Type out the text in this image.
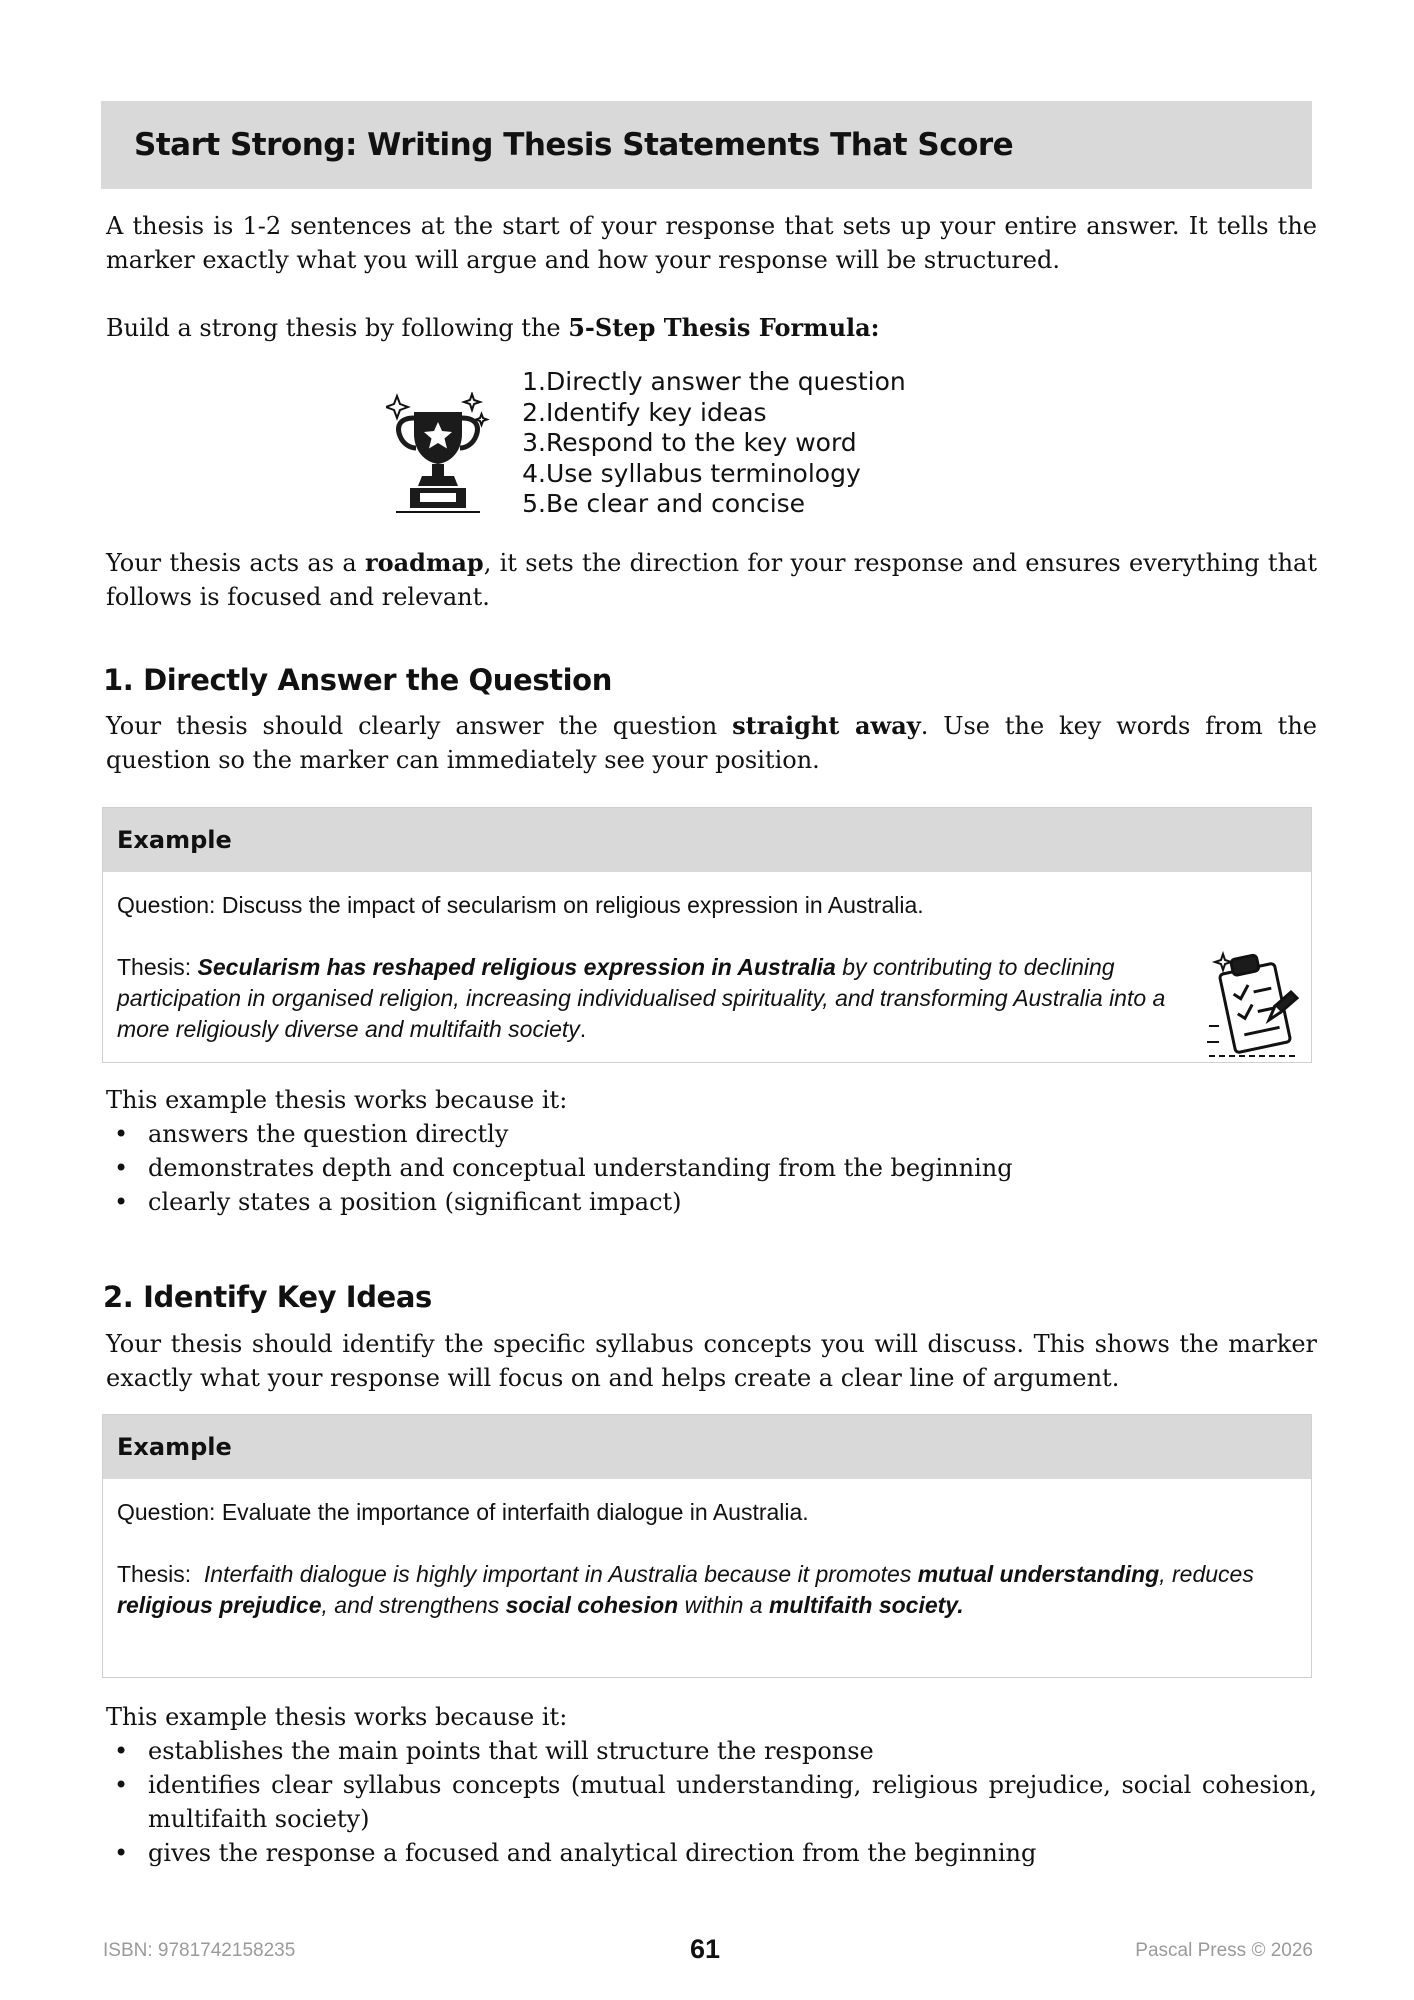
Start Strong: Writing Thesis Statements That Score

A thesis is 1-2 sentences at the start of your response that sets up your entire answer. It tells the marker exactly what you will argue and how your response will be structured.

Build a strong thesis by following the 5-Step Thesis Formula:

1. Directly answer the question
2. Identify key ideas
3. Respond to the key word
4. Use syllabus terminology
5. Be clear and concise

Your thesis acts as a roadmap, it sets the direction for your response and ensures everything that follows is focused and relevant.

1. Directly Answer the Question

Your thesis should clearly answer the question straight away. Use the key words from the question so the marker can immediately see your position.

Example

Question: Discuss the impact of secularism on religious expression in Australia.

Thesis: Secularism has reshaped religious expression in Australia by contributing to declining participation in organised religion, increasing individualised spirituality, and transforming Australia into a more religiously diverse and multifaith society.

This example thesis works because it:

• answers the question directly
• demonstrates depth and conceptual understanding from the beginning
• clearly states a position (significant impact)
2. Identify Key Ideas

Your thesis should identify the specific syllabus concepts you will discuss. This shows the marker exactly what your response will focus on and helps create a clear line of argument.

Example

Question: Evaluate the importance of interfaith dialogue in Australia.

Thesis:  Interfaith dialogue is highly important in Australia because it promotes mutual understanding, reduces religious prejudice, and strengthens social cohesion within a multifaith society.

This example thesis works because it:

• establishes the main points that will structure the response
• identifies clear syllabus concepts (mutual understanding, religious prejudice, social cohesion, multifaith society)
• gives the response a focused and analytical direction from the beginning
ISBN: 9781742158235	61	Pascal Press © 2026
